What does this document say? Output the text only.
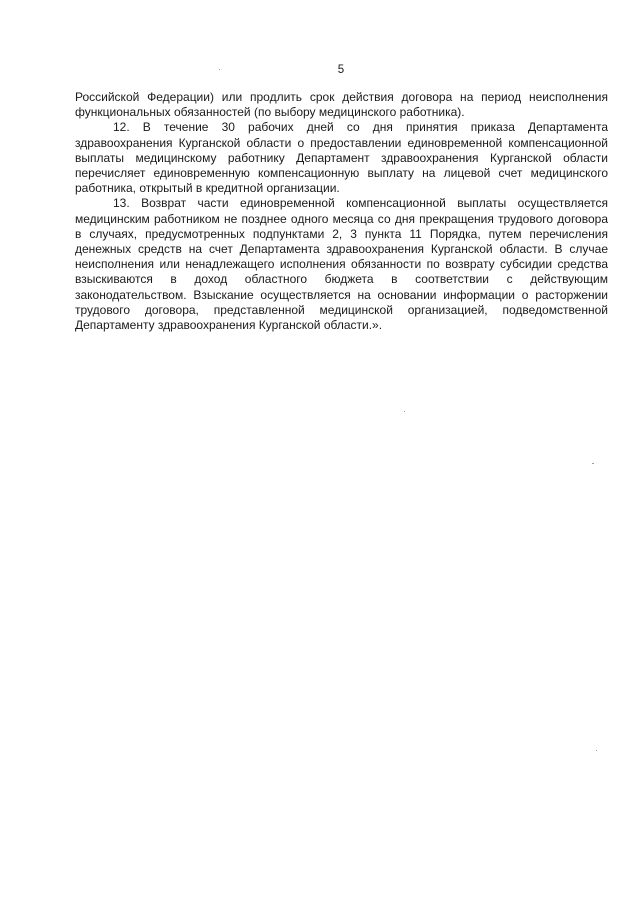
5

Российской Федерации) или продлить срок действия договора на период неисполнения функциональных обязанностей (по выбору медицинского работника).

12. В течение 30 рабочих дней со дня принятия приказа Департамента здравоохранения Курганской области о предоставлении единовременной компенсационной выплаты медицинскому работнику Департамент здравоохранения Курганской области перечисляет единовременную компенсационную выплату на лицевой счет медицинского работника, открытый в кредитной организации.

13. Возврат части единовременной компенсационной выплаты осуществляется медицинским работником не позднее одного месяца со дня прекращения трудового договора в случаях, предусмотренных подпунктами 2, 3 пункта 11 Порядка, путем перечисления денежных средств на счет Департамента здравоохранения Курганской области. В случае неисполнения или ненадлежащего исполнения обязанности по возврату субсидии средства взыскиваются в доход областного бюджета в соответствии с действующим законодательством. Взыскание осуществляется на основании информации о расторжении трудового договора, представленной медицинской организацией, подведомственной Департаменту здравоохранения Курганской области.».
